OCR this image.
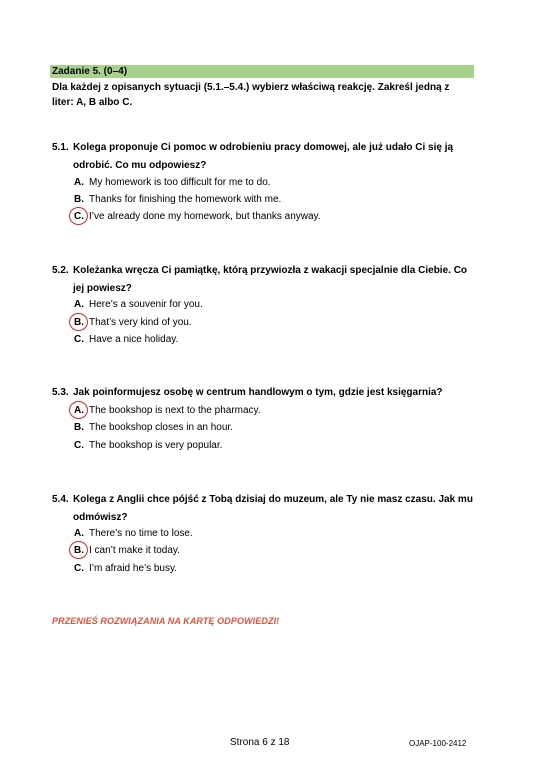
Zadanie 5. (0–4)
Dla każdej z opisanych sytuacji (5.1.–5.4.) wybierz właściwą reakcję. Zakreśl jedną z liter: A, B albo C.
5.1. Kolega proponuje Ci pomoc w odrobieniu pracy domowej, ale już udało Ci się ją odrobić. Co mu odpowiesz?
A. My homework is too difficult for me to do.
B. Thanks for finishing the homework with me.
C. I’ve already done my homework, but thanks anyway.
5.2. Koleżanka wręcza Ci pamiątkę, którą przywiozła z wakacji specjalnie dla Ciebie. Co jej powiesz?
A. Here’s a souvenir for you.
B. That’s very kind of you.
C. Have a nice holiday.
5.3. Jak poinformujesz osobę w centrum handlowym o tym, gdzie jest księgarnia?
A. The bookshop is next to the pharmacy.
B. The bookshop closes in an hour.
C. The bookshop is very popular.
5.4. Kolega z Anglii chce pójść z Tobą dzisiaj do muzeum, ale Ty nie masz czasu. Jak mu odmówisz?
A. There’s no time to lose.
B. I can’t make it today.
C. I’m afraid he’s busy.
PRZENIEŚ ROZWIĄZANIA NA KARTĘ ODPOWIEDZI!
Strona 6 z 18	OJAP-100-2412
